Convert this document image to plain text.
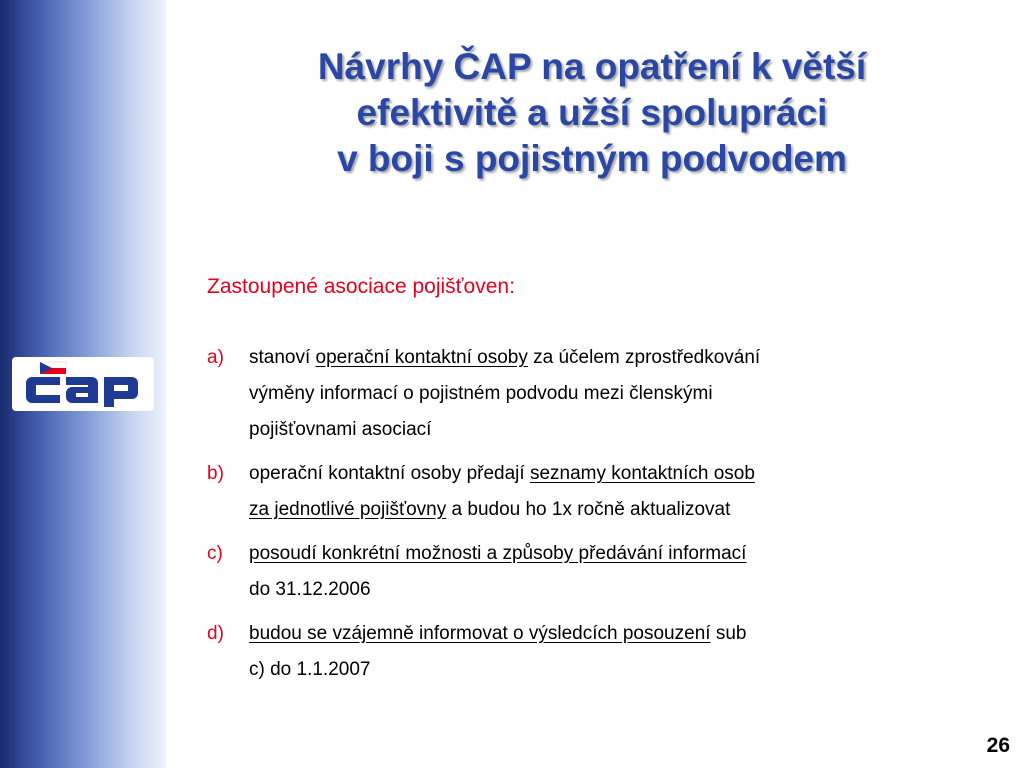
Návrhy ČAP na opatření k větší
efektivitě a užší spolupráci
v boji s pojistným podvodem
Zastoupené asociace pojišťoven:
a) stanoví operační kontaktní osoby za účelem zprostředkování
výměny informací o pojistném podvodu mezi členskými
pojišťovnami asociací
b) operační kontaktní osoby předají seznamy kontaktních osob
za jednotlivé pojišťovny a budou ho 1x ročně aktualizovat
c) posoudí konkrétní možnosti a způsoby předávání informací
do 31.12.2006
d) budou se vzájemně informovat o výsledcích posouzení sub
c) do 1.1.2007
26
